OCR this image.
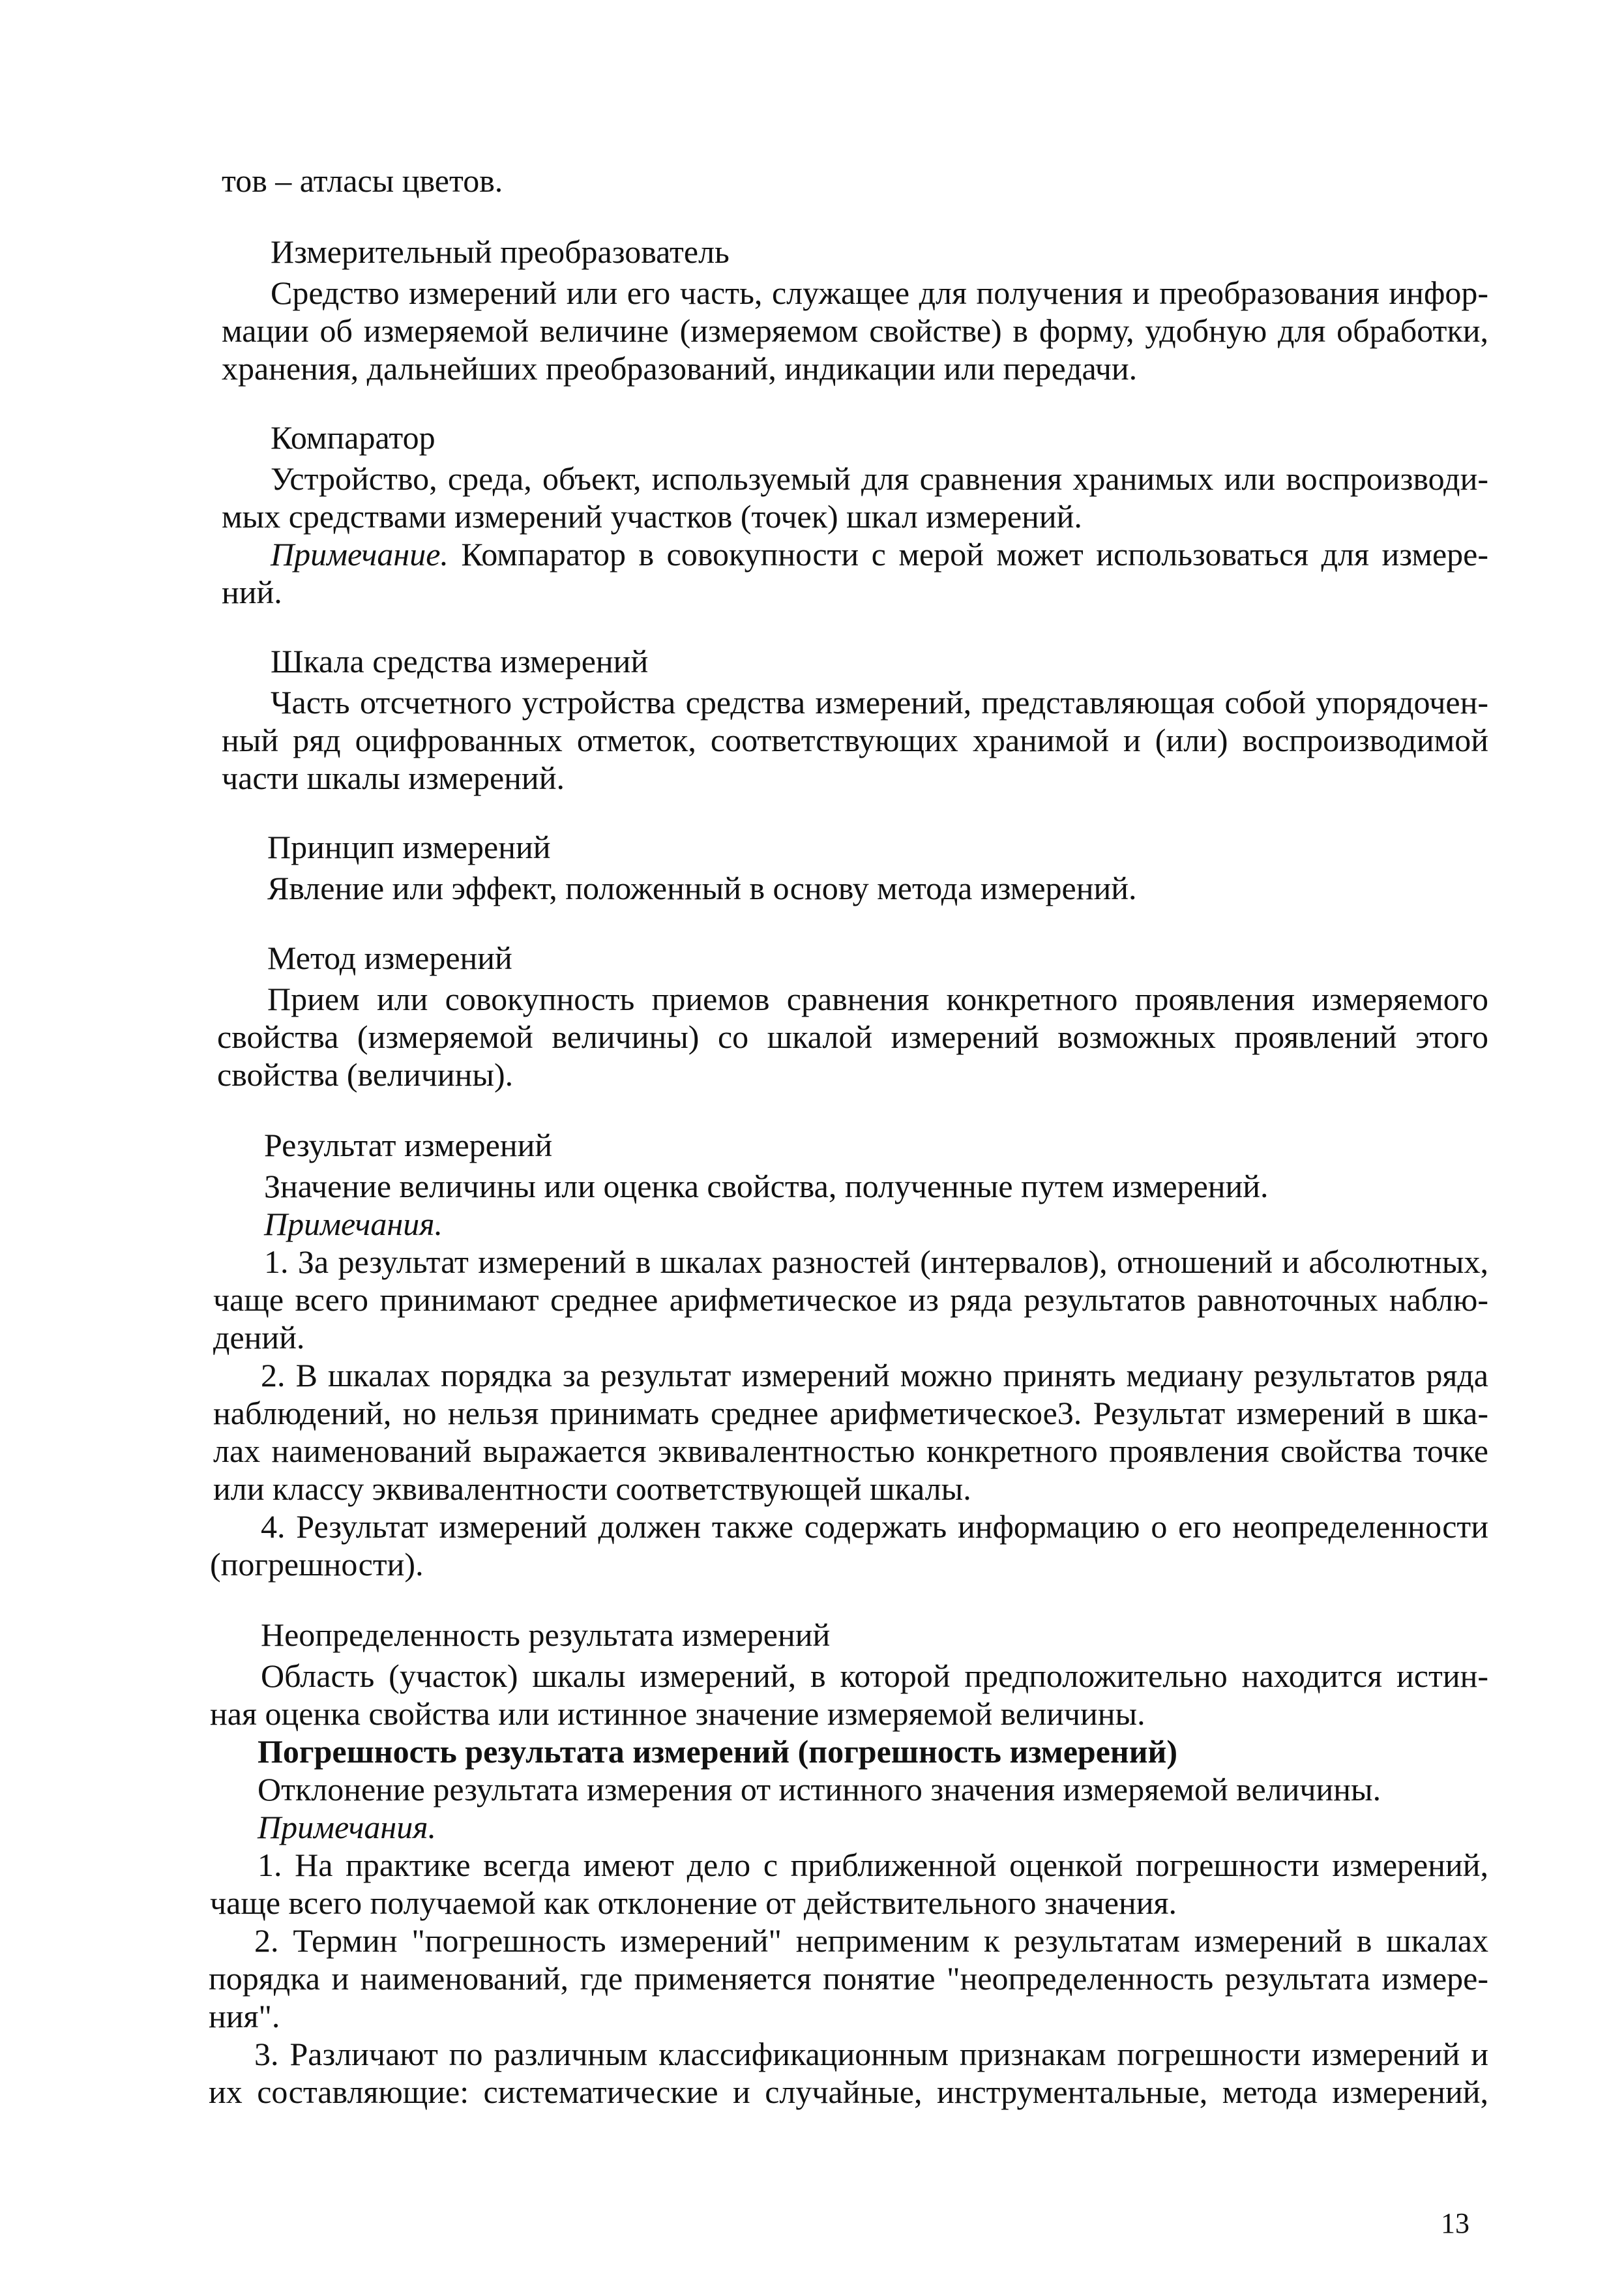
тов – атласы цветов.
Измерительный преобразователь
Средство измерений или его часть, служащее для получения и преобразования инфор-
мации об измеряемой величине (измеряемом свойстве) в форму, удобную для обработки,
хранения, дальнейших преобразований, индикации или передачи.
Компаратор
Устройство, среда, объект, используемый для сравнения хранимых или воспроизводи-
мых средствами измерений участков (точек) шкал измерений.
Примечание. Компаратор в совокупности с мерой может использоваться для измере-
ний.
Шкала средства измерений
Часть отсчетного устройства средства измерений, представляющая собой упорядочен-
ный ряд оцифрованных отметок, соответствующих хранимой и (или) воспроизводимой
части шкалы измерений.
Принцип измерений
Явление или эффект, положенный в основу метода измерений.
Метод измерений
Прием или совокупность приемов сравнения конкретного проявления измеряемого
свойства (измеряемой величины) со шкалой измерений возможных проявлений этого
свойства (величины).
Результат измерений
Значение величины или оценка свойства, полученные путем измерений.
Примечания.
1. За результат измерений в шкалах разностей (интервалов), отношений и абсолютных,
чаще всего принимают среднее арифметическое из ряда результатов равноточных наблю-
дений.
2. В шкалах порядка за результат измерений можно принять медиану результатов ряда
наблюдений, но нельзя принимать среднее арифметическое3. Результат измерений в шка-
лах наименований выражается эквивалентностью конкретного проявления свойства точке
или классу эквивалентности соответствующей шкалы.
4. Результат измерений должен также содержать информацию о его неопределенности
(погрешности).
Неопределенность результата измерений
Область (участок) шкалы измерений, в которой предположительно находится истин-
ная оценка свойства или истинное значение измеряемой величины.
Погрешность результата измерений (погрешность измерений)
Отклонение результата измерения от истинного значения измеряемой величины.
Примечания.
1. На практике всегда имеют дело с приближенной оценкой погрешности измерений,
чаще всего получаемой как отклонение от действительного значения.
2. Термин "погрешность измерений" неприменим к результатам измерений в шкалах
порядка и наименований, где применяется понятие "неопределенность результата измере-
ния".
3. Различают по различным классификационным признакам погрешности измерений и
их составляющие: систематические и случайные, инструментальные, метода измерений,
13
